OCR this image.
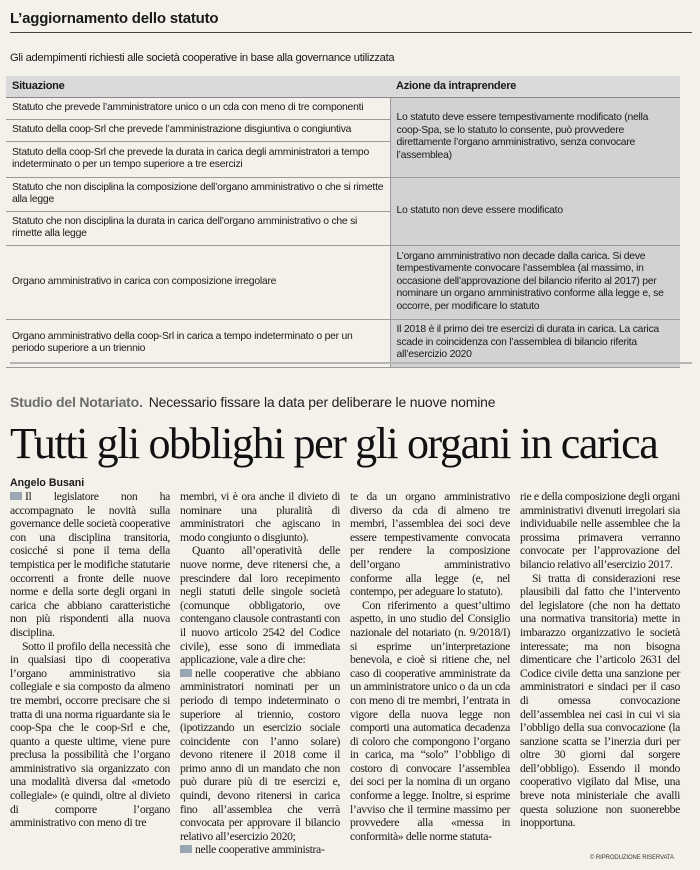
L’aggiornamento dello statuto
Gli adempimenti richiesti alle società cooperative in base alla governance utilizzata
Situazione	Azione da intraprendere
Statuto che prevede l’amministratore unico o un cda con meno di tre componenti	Lo statuto deve essere tempestivamente modificato (nella coop-Spa, se lo statuto lo consente, può provvedere direttamente l’organo amministrativo, senza convocare l’assemblea)
Statuto della coop-Srl che prevede l’amministrazione disgiuntiva o congiuntiva	
Statuto della coop-Srl che prevede la durata in carica degli amministratori a tempo indeterminato o per un tempo superiore a tre esercizi	
Statuto che non disciplina la composizione dell’organo amministrativo o che si rimette alla legge	Lo statuto non deve essere modificato
Statuto che non disciplina la durata in carica dell’organo amministrativo o che si rimette alla legge	
Organo amministrativo in carica con composizione irregolare	L’organo amministrativo non decade dalla carica. Si deve tempestivamente convocare l’assemblea (al massimo, in occasione dell’approvazione del bilancio riferito al 2017) per nominare un organo amministrativo conforme alla legge e, se occorre, per modificare lo statuto
Organo amministrativo della coop-Srl in carica a tempo indeterminato o per un periodo superiore a un triennio	Il 2018 è il primo dei tre esercizi di durata in carica. La carica scade in coincidenza con l’assemblea di bilancio riferita all’esercizio 2020
Studio del Notariato. Necessario fissare la data per deliberare le nuove nomine
Tutti gli obblighi per gli organi in carica
Angelo Busani

Il legislatore non ha accompagnato le novità sulla governance delle società cooperative con una disciplina transitoria, cosicché si pone il tema della tempistica per le modifiche statutarie occorrenti a fronte delle nuove norme e della sorte degli organi in carica che abbiano caratteristiche non più rispondenti alla nuova disciplina.

Sotto il profilo della necessità che in qualsiasi tipo di cooperativa l’organo amministrativo sia collegiale e sia composto da almeno tre membri, occorre precisare che si tratta di una norma riguardante sia le coop-Spa che le coop-Srl e che, quanto a queste ultime, viene pure preclusa la possibilità che l’organo amministrativo sia organizzato con una modalità diversa dal «metodo collegiale» (e quindi, oltre al divieto di comporre l’organo amministrativo con meno di tre

membri, vi è ora anche il divieto di nominare una pluralità di amministratori che agiscano in modo congiunto o disgiunto).

Quanto all’operatività delle nuove norme, deve ritenersi che, a prescindere dal loro recepimento negli statuti delle singole società (comunque obbligatorio, ove contengano clausole contrastanti con il nuovo articolo 2542 del Codice civile), esse sono di immediata applicazione, vale a dire che:

nelle cooperative che abbiano amministratori nominati per un periodo di tempo indeterminato o superiore al triennio, costoro (ipotizzando un esercizio sociale coincidente con l’anno solare) devono ritenere il 2018 come il primo anno di un mandato che non può durare più di tre esercizi e, quindi, devono ritenersi in carica fino all’assemblea che verrà convocata per approvare il bilancio relativo all’esercizio 2020;

nelle cooperative amministra-

te da un organo amministrativo diverso da cda di almeno tre membri, l’assemblea dei soci deve essere tempestivamente convocata per rendere la composizione dell’organo amministrativo conforme alla legge (e, nel contempo, per adeguare lo statuto).

Con riferimento a quest’ultimo aspetto, in uno studio del Consiglio nazionale del notariato (n. 9/2018/I) si esprime un’interpretazione benevola, e cioè si ritiene che, nel caso di cooperative amministrate da un amministratore unico o da un cda con meno di tre membri, l’entrata in vigore della nuova legge non comporti una automatica decadenza di coloro che compongono l’organo in carica, ma “solo” l’obbligo di costoro di convocare l’assemblea dei soci per la nomina di un organo conforme a legge. Inoltre, si esprime l’avviso che il termine massimo per provvedere alla «messa in conformità» delle norme statuta-

rie e della composizione degli organi amministrativi divenuti irregolari sia individuabile nelle assemblee che la prossima primavera verranno convocate per l’approvazione del bilancio relativo all’esercizio 2017.

Si tratta di considerazioni rese plausibili dal fatto che l’intervento del legislatore (che non ha dettato una normativa transitoria) mette in imbarazzo organizzativo le società interessate; ma non bisogna dimenticare che l’articolo 2631 del Codice civile detta una sanzione per amministratori e sindaci per il caso di omessa convocazione dell’assemblea nei casi in cui vi sia l’obbligo della sua convocazione (la sanzione scatta se l’inerzia duri per oltre 30 giorni dal sorgere dell’obbligo). Essendo il mondo cooperativo vigilato dal Mise, una breve nota ministeriale che avalli questa soluzione non suonerebbe inopportuna.

© RIPRODUZIONE RISERVATA
